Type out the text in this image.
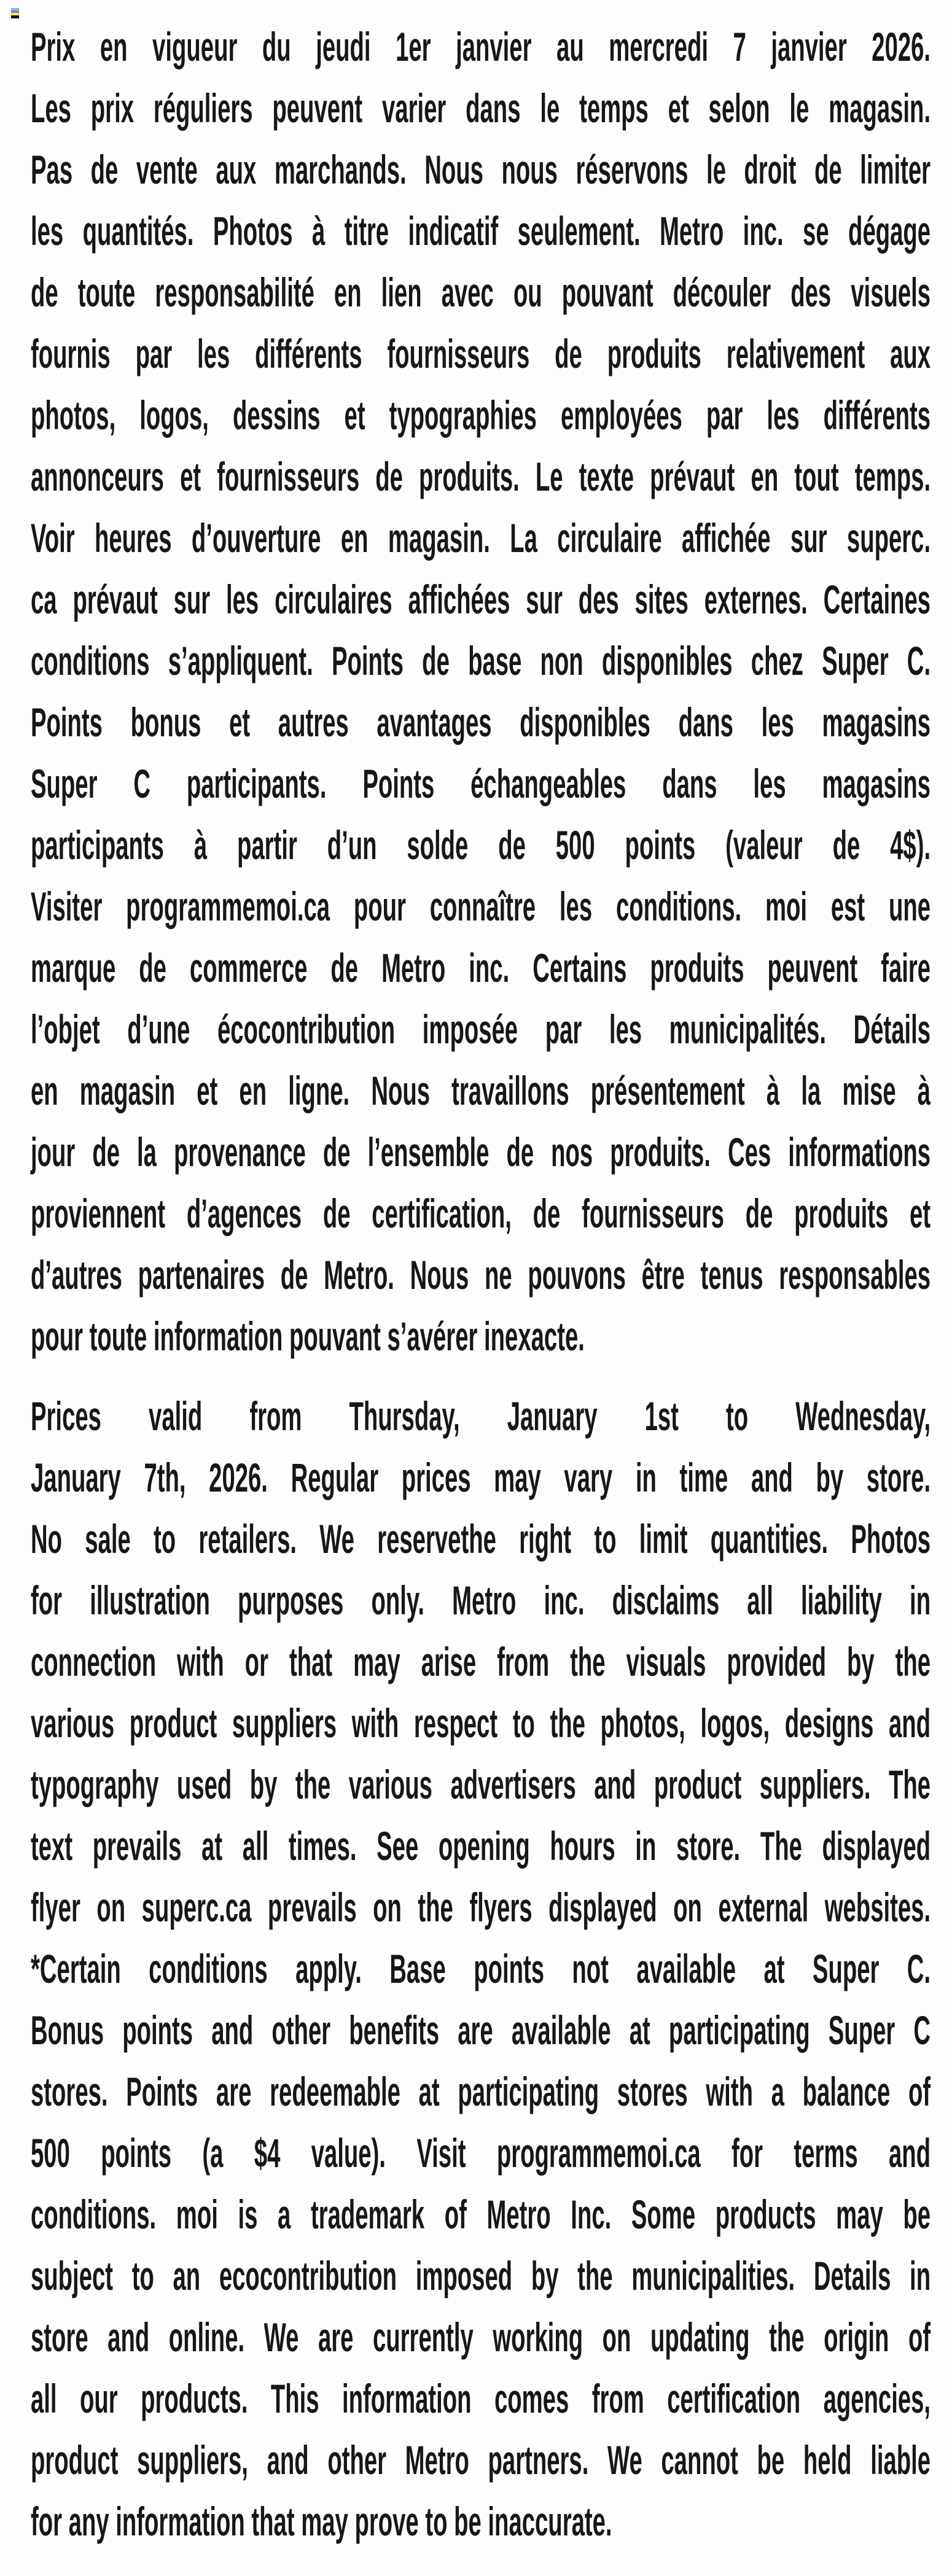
Prix en vigueur du jeudi 1er janvier au mercredi 7 janvier 2026.
Les prix réguliers peuvent varier dans le temps et selon le magasin.
Pas de vente aux marchands. Nous nous réservons le droit de limiter
les quantités. Photos à titre indicatif seulement. Metro inc. se dégage
de toute responsabilité en lien avec ou pouvant découler des visuels
fournis par les différents fournisseurs de produits relativement aux
photos, logos, dessins et typographies employées par les différents
annonceurs et fournisseurs de produits. Le texte prévaut en tout temps.
Voir heures d’ouverture en magasin. La circulaire affichée sur superc.
ca prévaut sur les circulaires affichées sur des sites externes. Certaines
conditions s’appliquent. Points de base non disponibles chez Super C.
Points bonus et autres avantages disponibles dans les magasins
Super C participants. Points échangeables dans les magasins
participants à partir d’un solde de 500 points (valeur de 4$).
Visiter programmemoi.ca pour connaître les conditions. moi est une
marque de commerce de Metro inc. Certains produits peuvent faire
l’objet d’une écocontribution imposée par les municipalités. Détails
en magasin et en ligne. Nous travaillons présentement à la mise à
jour de la provenance de l’ensemble de nos produits. Ces informations
proviennent d’agences de certification, de fournisseurs de produits et
d’autres partenaires de Metro. Nous ne pouvons être tenus responsables
pour toute information pouvant s’avérer inexacte.
Prices valid from Thursday, January 1st to Wednesday,
January 7th, 2026. Regular prices may vary in time and by store.
No sale to retailers. We reservethe right to limit quantities. Photos
for illustration purposes only. Metro inc. disclaims all liability in
connection with or that may arise from the visuals provided by the
various product suppliers with respect to the photos, logos, designs and
typography used by the various advertisers and product suppliers. The
text prevails at all times. See opening hours in store. The displayed
flyer on superc.ca prevails on the flyers displayed on external websites.
*Certain conditions apply. Base points not available at Super C.
Bonus points and other benefits are available at participating Super C
stores. Points are redeemable at participating stores with a balance of
500 points (a $4 value). Visit programmemoi.ca for terms and
conditions. moi is a trademark of Metro Inc. Some products may be
subject to an ecocontribution imposed by the municipalities. Details in
store and online. We are currently working on updating the origin of
all our products. This information comes from certification agencies,
product suppliers, and other Metro partners. We cannot be held liable
for any information that may prove to be inaccurate.
